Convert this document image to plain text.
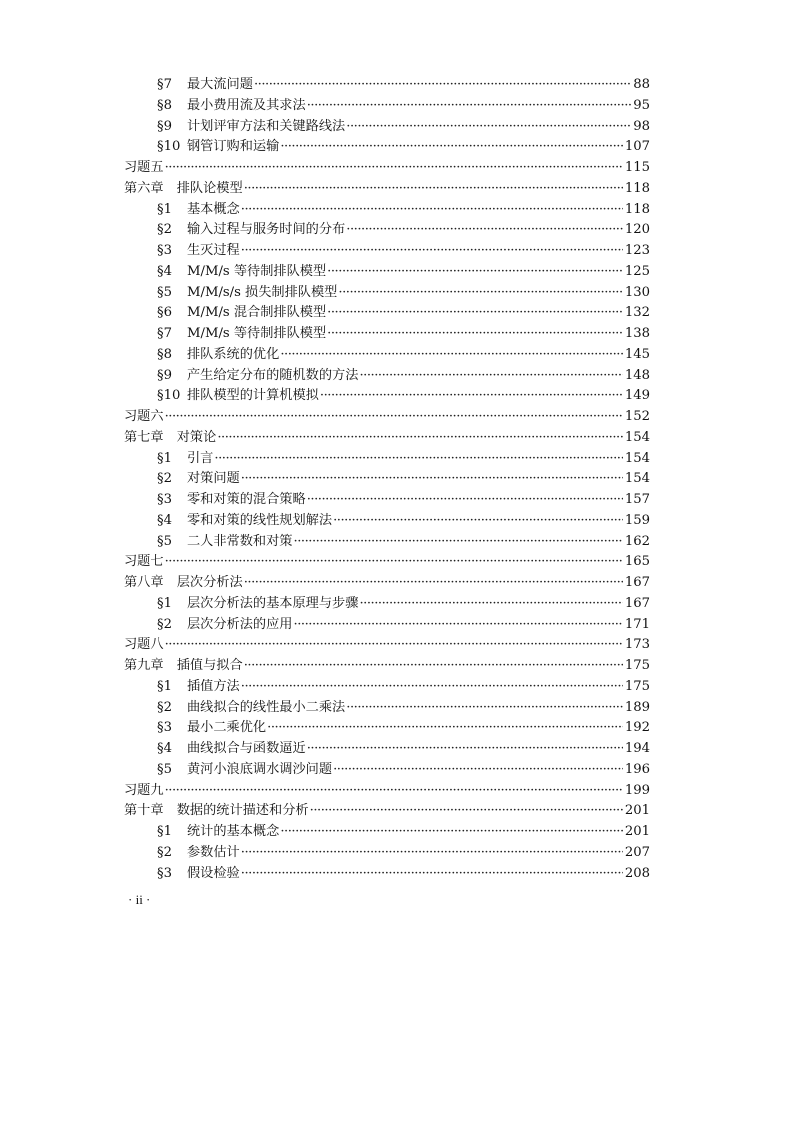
§7	最大流问题 ·····	88
§8	最小费用流及其求法 ·····	95
§9	计划评审方法和关键路线法 ·····	98
§10 钢管订购和运输 ·····	107
习题五 ·····	115
第六章　排队论模型 ·····	118
§1	基本概念 ·····	118
§2	输入过程与服务时间的分布 ·····	120
§3	生灭过程 ·····	123
§4	M/M/s 等待制排队模型 ·····	125
§5	M/M/s/s 损失制排队模型 ·····	130
§6	M/M/s 混合制排队模型 ·····	132
§7	M/M/s 等待制排队模型 ·····	138
§8	排队系统的优化 ·····	145
§9	产生给定分布的随机数的方法 ·····	148
§10 排队模型的计算机模拟 ·····	149
习题六 ·····	152
第七章　对策论 ·····	154
§1	引言 ·····	154
§2	对策问题 ·····	154
§3	零和对策的混合策略 ·····	157
§4	零和对策的线性规划解法 ·····	159
§5	二人非常数和对策 ·····	162
习题七 ·····	165
第八章　层次分析法 ·····	167
§1	层次分析法的基本原理与步骤 ·····	167
§2	层次分析法的应用 ·····	171
习题八 ·····	173
第九章　插值与拟合 ·····	175
§1	插值方法 ·····	175
§2	曲线拟合的线性最小二乘法 ·····	189
§3	最小二乘优化 ·····	192
§4	曲线拟合与函数逼近 ·····	194
§5	黄河小浪底调水调沙问题 ·····	196
习题九 ·····	199
第十章　数据的统计描述和分析 ·····	201
§1	统计的基本概念 ·····	201
§2	参数估计 ·····	207
§3	假设检验 ·····	208
· ii ·
